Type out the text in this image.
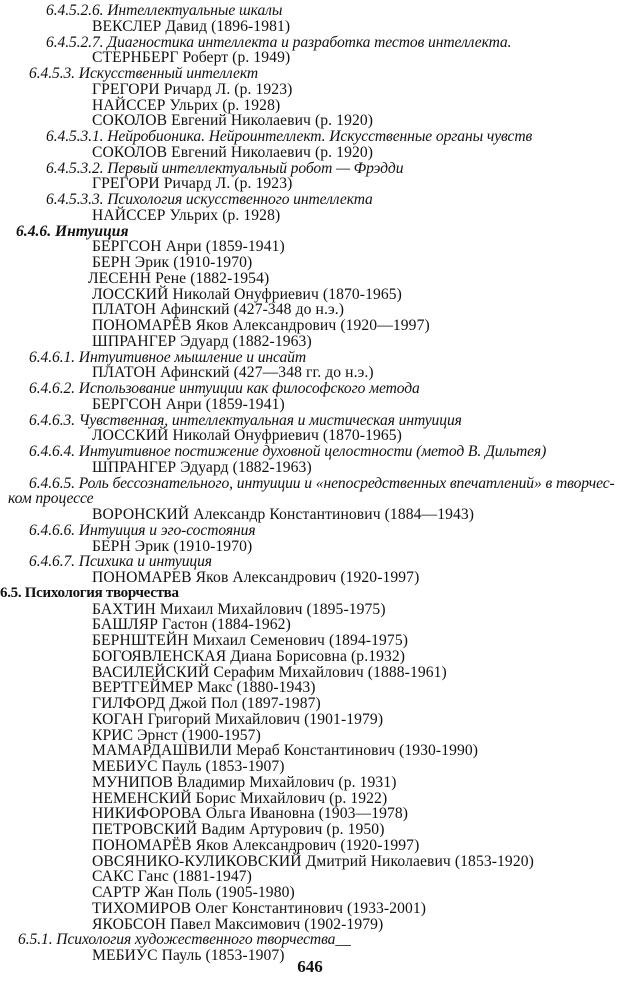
6.4.5.2.6. Интеллектуальные шкалы
ВЕКСЛЕР Давид (1896-1981)
6.4.5.2.7. Диагностика интеллекта и разработка тестов интеллекта.
СТЕРНБЕРГ Роберт (р. 1949)
6.4.5.3. Искусственный интеллект
ГРЕГОРИ Ричард Л. (р. 1923)
НАЙССЕР Ульрих (р. 1928)
СОКОЛОВ Евгений Николаевич (р. 1920)
6.4.5.3.1. Нейробионика. Нейроинтеллект. Искусственные органы чувств
СОКОЛОВ Евгений Николаевич (р. 1920)
6.4.5.3.2. Первый интеллектуальный робот — Фрэдди
ГРЕГОРИ Ричард Л. (р. 1923)
6.4.5.3.3. Психология искусственного интеллекта
НАЙССЕР Ульрих (р. 1928)
6.4.6. Интуиция
БЕРГСОН Анри (1859-1941)
БЕРН Эрик (1910-1970)
ЛЕСЕНН Рене (1882-1954)
ЛОССКИЙ Николай Онуфриевич (1870-1965)
ПЛАТОН Афинский (427-348 до н.э.)
ПОНОМАРЁВ Яков Александрович (1920—1997)
ШПРАНГЕР Эдуард (1882-1963)
6.4.6.1. Интуитивное мышление и инсайт
ПЛАТОН Афинский (427—348 гг. до н.э.)
6.4.6.2. Использование интуиции как философского метода
БЕРГСОН Анри (1859-1941)
6.4.6.3. Чувственная, интеллектуальная и мистическая интуиция
ЛОССКИЙ Николай Онуфриевич (1870-1965)
6.4.6.4. Интуитивное постижение духовной целостности (метод В. Дильтея)
ШПРАНГЕР Эдуард (1882-1963)
6.4.6.5. Роль бессознательного, интуиции и «непосредственных впечатлений» в творчес-
ком процессе
ВОРОНСКИЙ Александр Константинович (1884—1943)
6.4.6.6. Интуиция и эго-состояния
БЕРН Эрик (1910-1970)
6.4.6.7. Психика и интуиция
ПОНОМАРЕВ Яков Александрович (1920-1997)
6.5. Психология творчества
БАХТИН Михаил Михайлович (1895-1975)
БАШЛЯР Гастон (1884-1962)
БЕРНШТЕЙН Михаил Семенович (1894-1975)
БОГОЯВЛЕНСКАЯ Диана Борисовна (р.1932)
ВАСИЛЕЙСКИЙ Серафим Михайлович (1888-1961)
ВЕРТГЕЙМЕР Макс (1880-1943)
ГИЛФОРД Джой Пол (1897-1987)
КОГАН Григорий Михайлович (1901-1979)
КРИС Эрнст (1900-1957)
МАМАРДАШВИЛИ Мераб Константинович (1930-1990)
МЕБИУС Пауль (1853-1907)
МУНИПОВ Владимир Михайлович (р. 1931)
НЕМЕНСКИЙ Борис Михайлович (р. 1922)
НИКИФОРОВА Ольга Ивановна (1903—1978)
ПЕТРОВСКИЙ Вадим Артурович (р. 1950)
ПОНОМАРЁВ Яков Александрович (1920-1997)
ОВСЯНИКО-КУЛИКОВСКИЙ Дмитрий Николаевич (1853-1920)
САКС Ганс (1881-1947)
САРТР Жан Поль (1905-1980)
ТИХОМИРОВ Олег Константинович (1933-2001)
ЯКОБСОН Павел Максимович (1902-1979)
6.5.1. Психология художественного творчества__
МЕБИУС Пауль (1853-1907)
646
